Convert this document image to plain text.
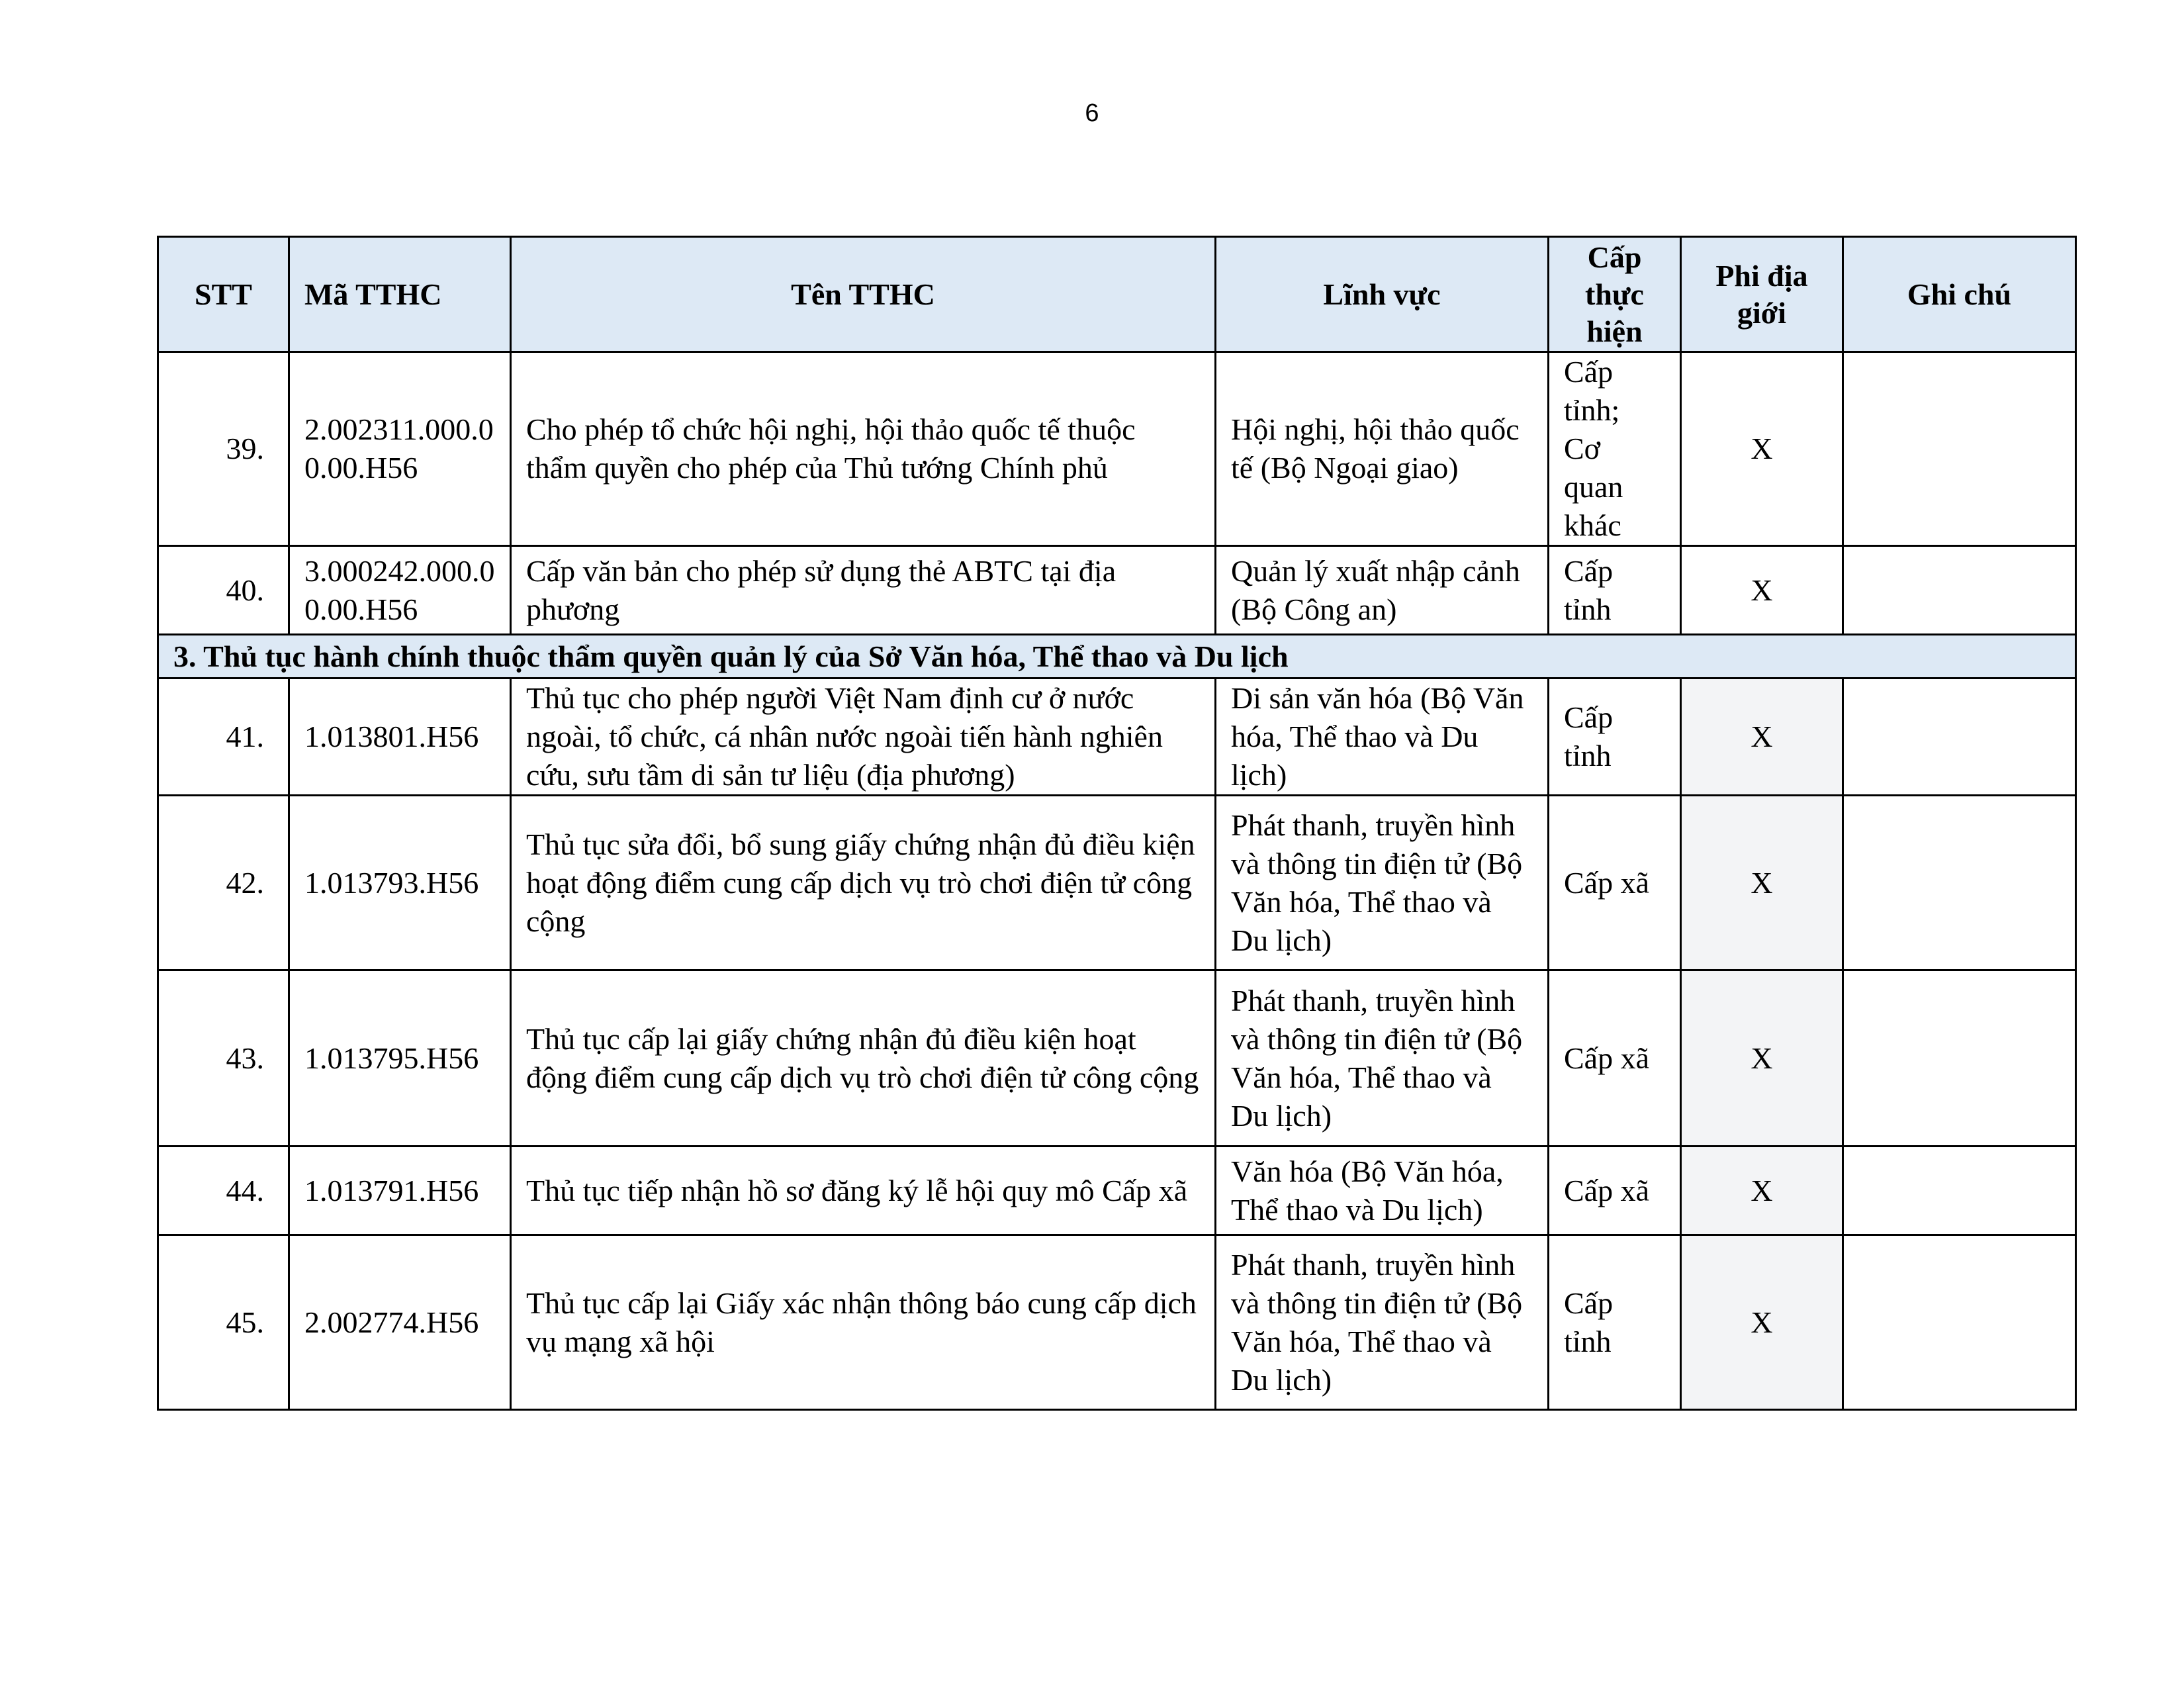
6
STT	Mã TTHC	Tên TTHC	Lĩnh vực	Cấp thực hiện	Phi địa giới	Ghi chú
39.	2.002311.000.00.00.H56	Cho phép tổ chức hội nghị, hội thảo quốc tế thuộc thẩm quyền cho phép của Thủ tướng Chính phủ	Hội nghị, hội thảo quốc tế (Bộ Ngoại giao)	Cấp tỉnh; Cơ quan khác	X	
40.	3.000242.000.00.00.H56	Cấp văn bản cho phép sử dụng thẻ ABTC tại địa phương	Quản lý xuất nhập cảnh (Bộ Công an)	Cấp tỉnh	X	
3. Thủ tục hành chính thuộc thẩm quyền quản lý của Sở Văn hóa, Thể thao và Du lịch						
41.	1.013801.H56	Thủ tục cho phép người Việt Nam định cư ở nước ngoài, tổ chức, cá nhân nước ngoài tiến hành nghiên cứu, sưu tầm di sản tư liệu (địa phương)	Di sản văn hóa (Bộ Văn hóa, Thể thao và Du lịch)	Cấp tỉnh	X	
42.	1.013793.H56	Thủ tục sửa đổi, bổ sung giấy chứng nhận đủ điều kiện hoạt động điểm cung cấp dịch vụ trò chơi điện tử công cộng	Phát thanh, truyền hình và thông tin điện tử (Bộ Văn hóa, Thể thao và Du lịch)	Cấp xã	X	
43.	1.013795.H56	Thủ tục cấp lại giấy chứng nhận đủ điều kiện hoạt động điểm cung cấp dịch vụ trò chơi điện tử công cộng	Phát thanh, truyền hình và thông tin điện tử (Bộ Văn hóa, Thể thao và Du lịch)	Cấp xã	X	
44.	1.013791.H56	Thủ tục tiếp nhận hồ sơ đăng ký lễ hội quy mô Cấp xã	Văn hóa (Bộ Văn hóa, Thể thao và Du lịch)	Cấp xã	X	
45.	2.002774.H56	Thủ tục cấp lại Giấy xác nhận thông báo cung cấp dịch vụ mạng xã hội	Phát thanh, truyền hình và thông tin điện tử (Bộ Văn hóa, Thể thao và Du lịch)	Cấp tỉnh	X	
